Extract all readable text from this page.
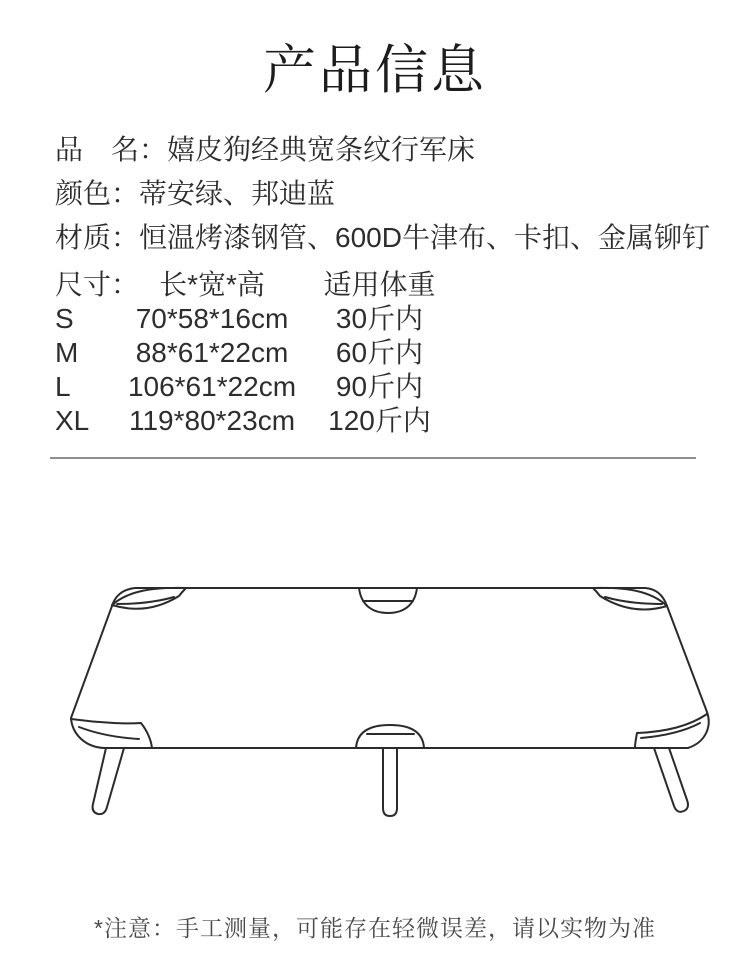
产品信息
品　名：嬉皮狗经典宽条纹行军床
颜色：蒂安绿、邦迪蓝
材质：恒温烤漆钢管、600D牛津布、卡扣、金属铆钉
尺寸： 长*宽*高	适用体重
S	70*58*16cm	30斤内
M	88*61*22cm	60斤内
L	106*61*22cm	90斤内
XL	119*80*23cm	120斤内
*注意：手工测量，可能存在轻微误差，请以实物为准
